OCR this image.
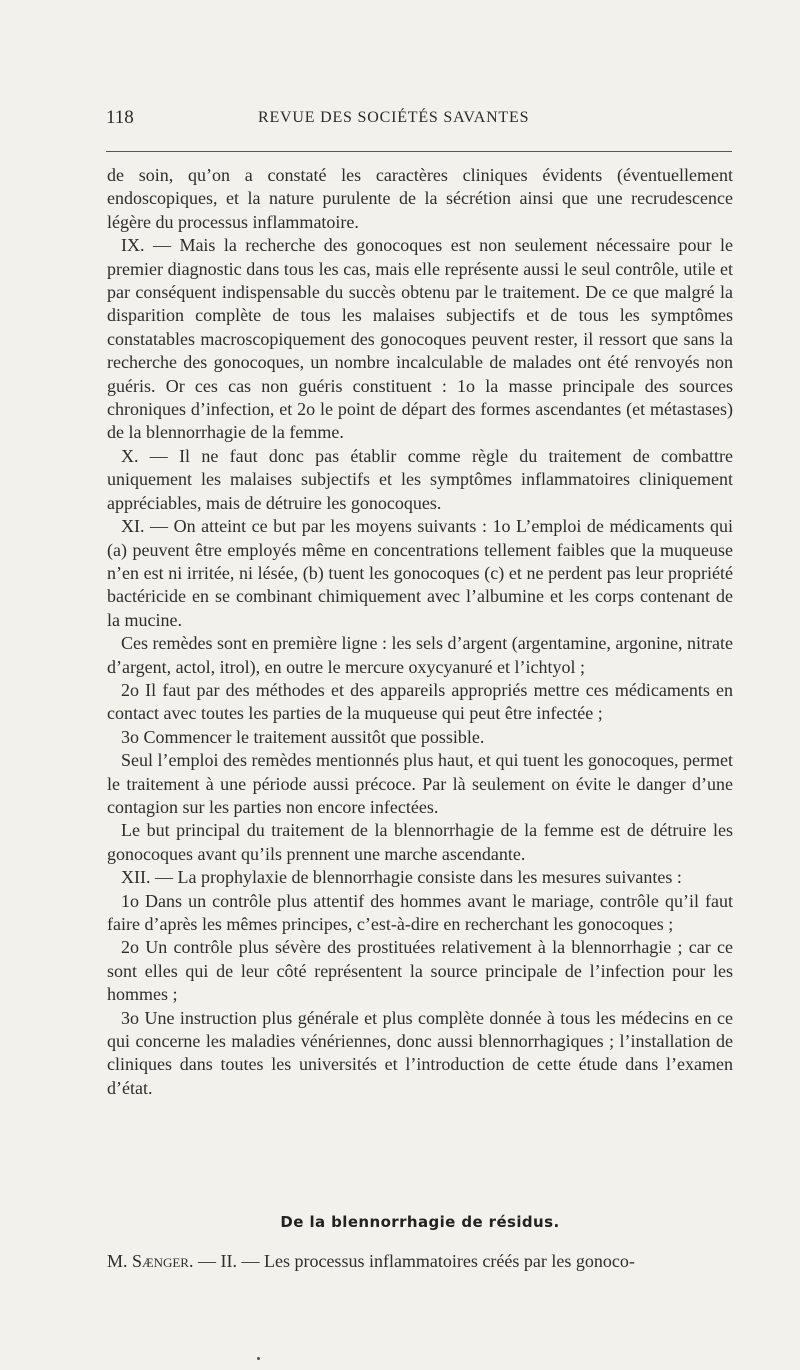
118	REVUE DES SOCIÉTÉS SAVANTES

de soin, qu’on a constaté les caractères cliniques évidents (éventuellement endoscopiques, et la nature purulente de la sécrétion ainsi que une recrudescence légère du processus inflammatoire.

IX. — Mais la recherche des gonocoques est non seulement nécessaire pour le premier diagnostic dans tous les cas, mais elle représente aussi le seul contrôle, utile et par conséquent indispensable du succès obtenu par le traitement. De ce que malgré la disparition complète de tous les malaises subjectifs et de tous les symptômes constatables macroscopiquement des gonocoques peuvent rester, il ressort que sans la recherche des gonocoques, un nombre incalculable de malades ont été renvoyés non guéris. Or ces cas non guéris constituent : 1o la masse principale des sources chroniques d’infection, et 2o le point de départ des formes ascendantes (et métastases) de la blennorrhagie de la femme.

X. — Il ne faut donc pas établir comme règle du traitement de combattre uniquement les malaises subjectifs et les symptômes inflammatoires cliniquement appréciables, mais de détruire les gonocoques.

XI. — On atteint ce but par les moyens suivants : 1o L’emploi de médicaments qui (a) peuvent être employés même en concentrations tellement faibles que la muqueuse n’en est ni irritée, ni lésée, (b) tuent les gonocoques (c) et ne perdent pas leur propriété bactéricide en se combinant chimiquement avec l’albumine et les corps contenant de la mucine.

Ces remèdes sont en première ligne : les sels d’argent (argentamine, argonine, nitrate d’argent, actol, itrol), en outre le mercure oxycyanuré et l’ichtyol ;

2o Il faut par des méthodes et des appareils appropriés mettre ces médicaments en contact avec toutes les parties de la muqueuse qui peut être infectée ;

3o Commencer le traitement aussitôt que possible.

Seul l’emploi des remèdes mentionnés plus haut, et qui tuent les gonocoques, permet le traitement à une période aussi précoce. Par là seulement on évite le danger d’une contagion sur les parties non encore infectées.

Le but principal du traitement de la blennorrhagie de la femme est de détruire les gonocoques avant qu’ils prennent une marche ascendante.

XII. — La prophylaxie de blennorrhagie consiste dans les mesures suivantes :

1o Dans un contrôle plus attentif des hommes avant le mariage, contrôle qu’il faut faire d’après les mêmes principes, c’est-à-dire en recherchant les gonocoques ;

2o Un contrôle plus sévère des prostituées relativement à la blennorrhagie ; car ce sont elles qui de leur côté représentent la source principale de l’infection pour les hommes ;

3o Une instruction plus générale et plus complète donnée à tous les médecins en ce qui concerne les maladies vénériennes, donc aussi blennorrhagiques ; l’installation de cliniques dans toutes les universités et l’introduction de cette étude dans l’examen d’état.

De la blennorrhagie de résidus.
M. Sænger. — II. — Les processus inflammatoires créés par les gonoco-
